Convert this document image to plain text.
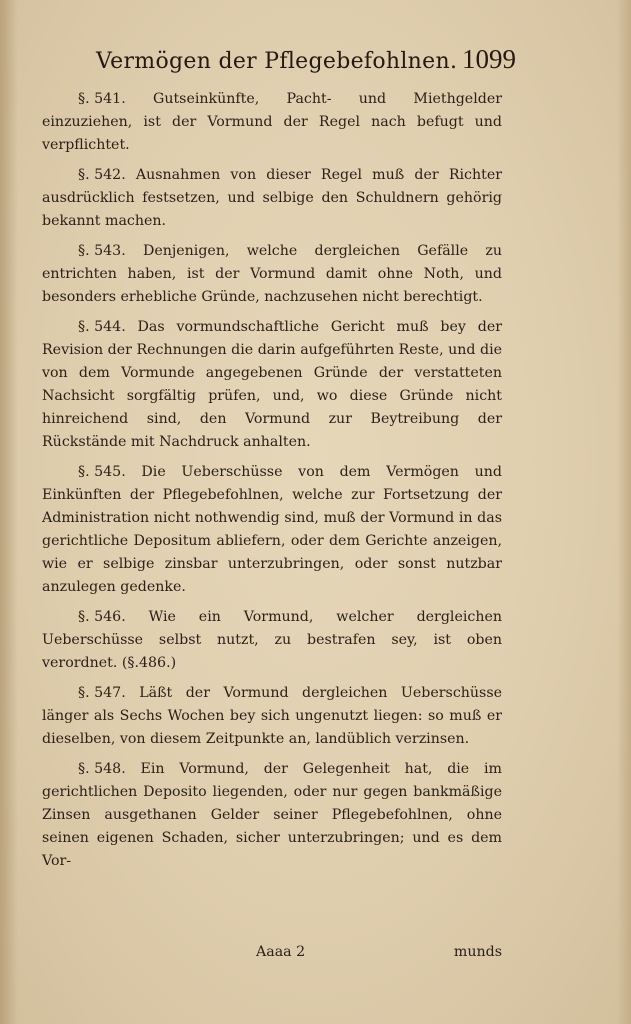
Vermögen der Pflegebefohlnen. 1099

§. 541. Gutseinkünfte, Pacht- und Miethgelder einzuziehen, ist der Vormund der Regel nach befugt und verpflichtet.

§. 542. Ausnahmen von dieser Regel muß der Richter ausdrücklich festsetzen, und selbige den Schuldnern gehörig bekannt machen.

§. 543. Denjenigen, welche dergleichen Gefälle zu entrichten haben, ist der Vormund damit ohne Noth, und besonders erhebliche Gründe, nachzusehen nicht berechtigt.

§. 544. Das vormundschaftliche Gericht muß bey der Revision der Rechnungen die darin aufgeführten Reste, und die von dem Vormunde angegebenen Gründe der verstatteten Nachsicht sorgfältig prüfen, und, wo diese Gründe nicht hinreichend sind, den Vormund zur Beytreibung der Rückstände mit Nachdruck anhalten.

§. 545. Die Ueberschüsse von dem Vermögen und Einkünften der Pflegebefohlnen, welche zur Fortsetzung der Administration nicht nothwendig sind, muß der Vormund in das gerichtliche Depositum abliefern, oder dem Gerichte anzeigen, wie er selbige zinsbar unterzubringen, oder sonst nutzbar anzulegen gedenke.

§. 546. Wie ein Vormund, welcher dergleichen Ueberschüsse selbst nutzt, zu bestrafen sey, ist oben verordnet. (§.486.)

§. 547. Läßt der Vormund dergleichen Ueberschüsse länger als Sechs Wochen bey sich ungenutzt liegen: so muß er dieselben, von diesem Zeitpunkte an, landüblich verzinsen.

§. 548. Ein Vormund, der Gelegenheit hat, die im gerichtlichen Deposito liegenden, oder nur gegen bankmäßige Zinsen ausgethanen Gelder seiner Pflegebefohlnen, ohne seinen eigenen Schaden, sicher unterzubringen; und es dem Vor-

Aaaa 2	munds
